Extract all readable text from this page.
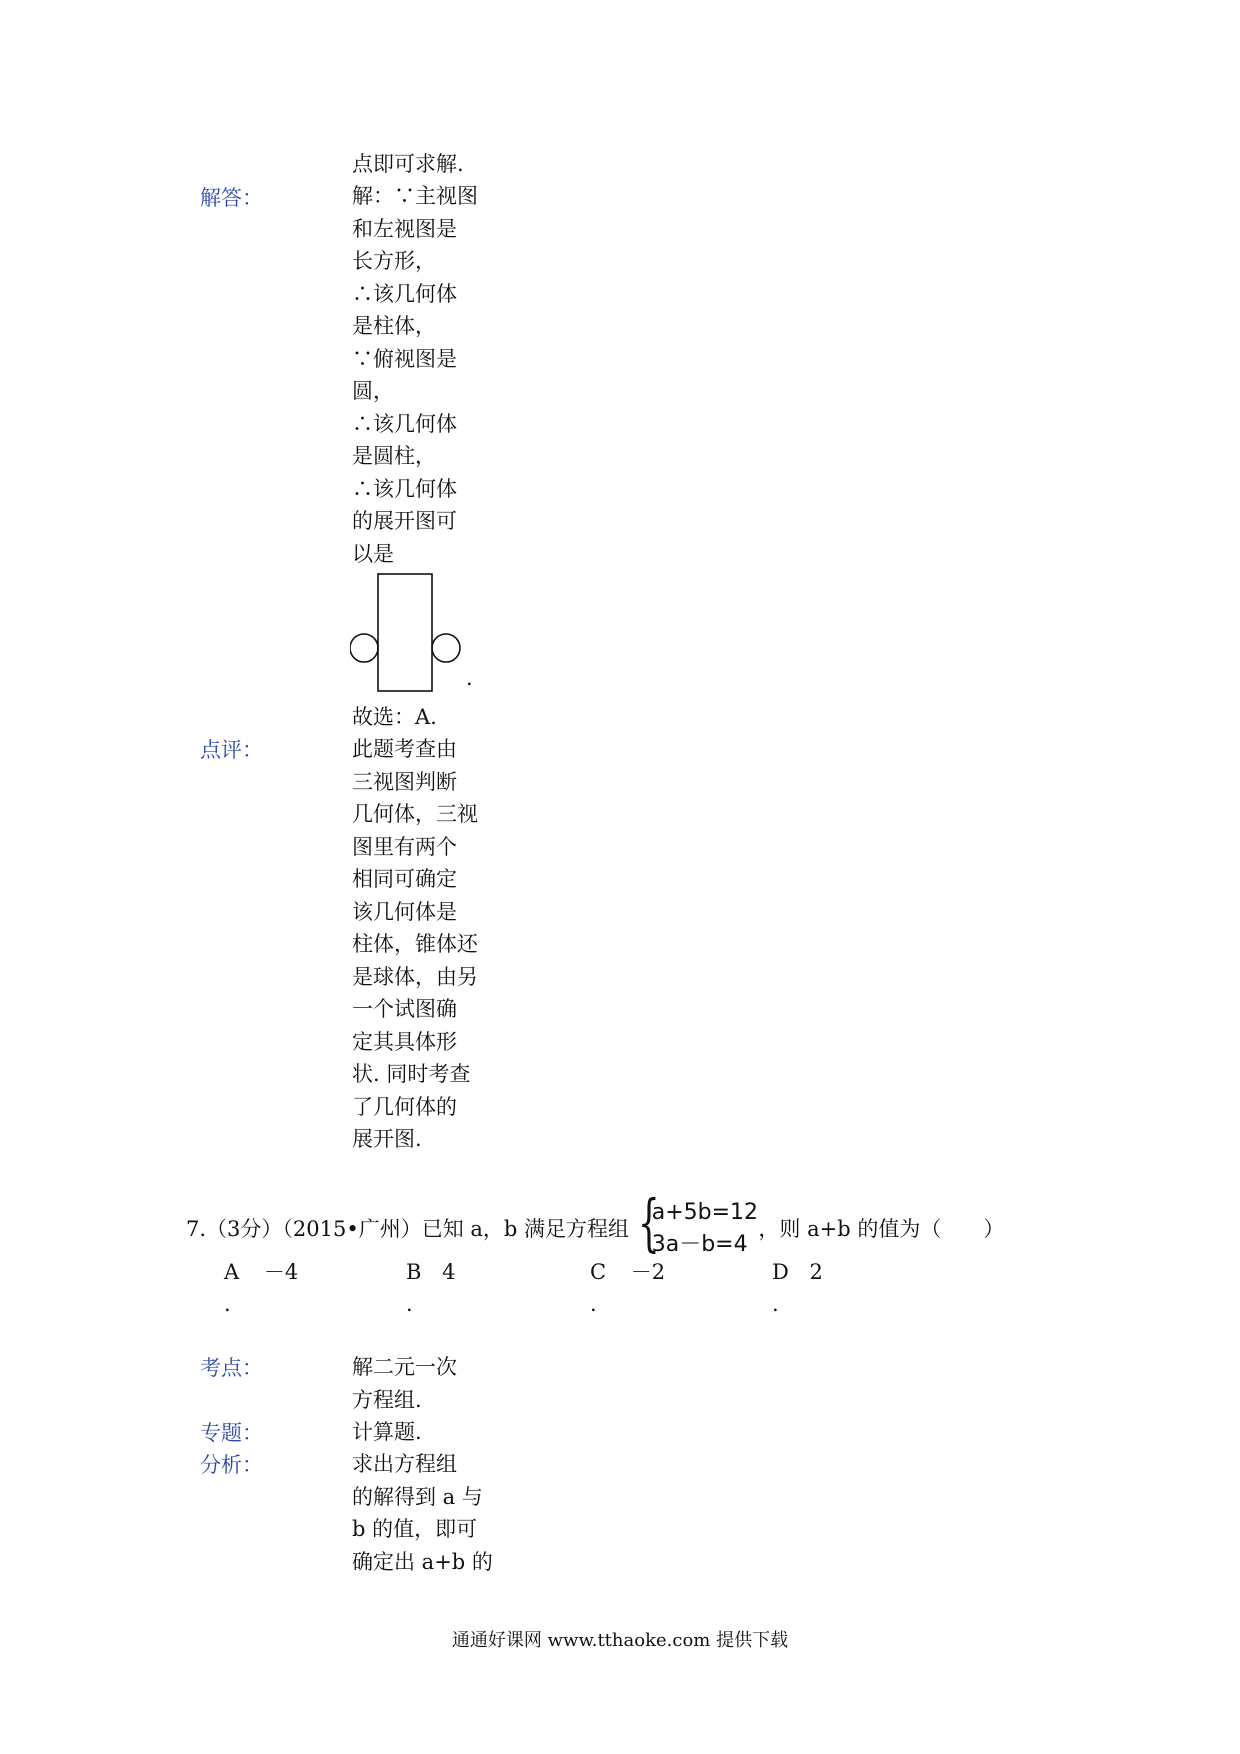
点即可求解.

解答：	解：∵主视图
和左视图是
长方形，
∴该几何体
是柱体，
∵俯视图是
圆，
∴该几何体
是圆柱，
∴该几何体
的展开图可
以是
.
故选：A.

点评：	此题考查由
三视图判断
几何体，三视
图里有两个
相同可确定
该几何体是
柱体，锥体还
是球体，由另
一个试图确
定其具体形
状. 同时考查
了几何体的
展开图.
7.（3分）（2015•广州）已知 a，b 满足方程组 {
a+5b=12
3a－b=4
，则 a+b 的值为（　　）
A －4
.
B 4
.
C －2
.
D 2
.

考点：	解二元一次
方程组.

专题：	计算题.

分析：	求出方程组
的解得到 a 与
b 的值，即可
确定出 a+b 的
通通好课网 www.tthaoke.com 提供下载
